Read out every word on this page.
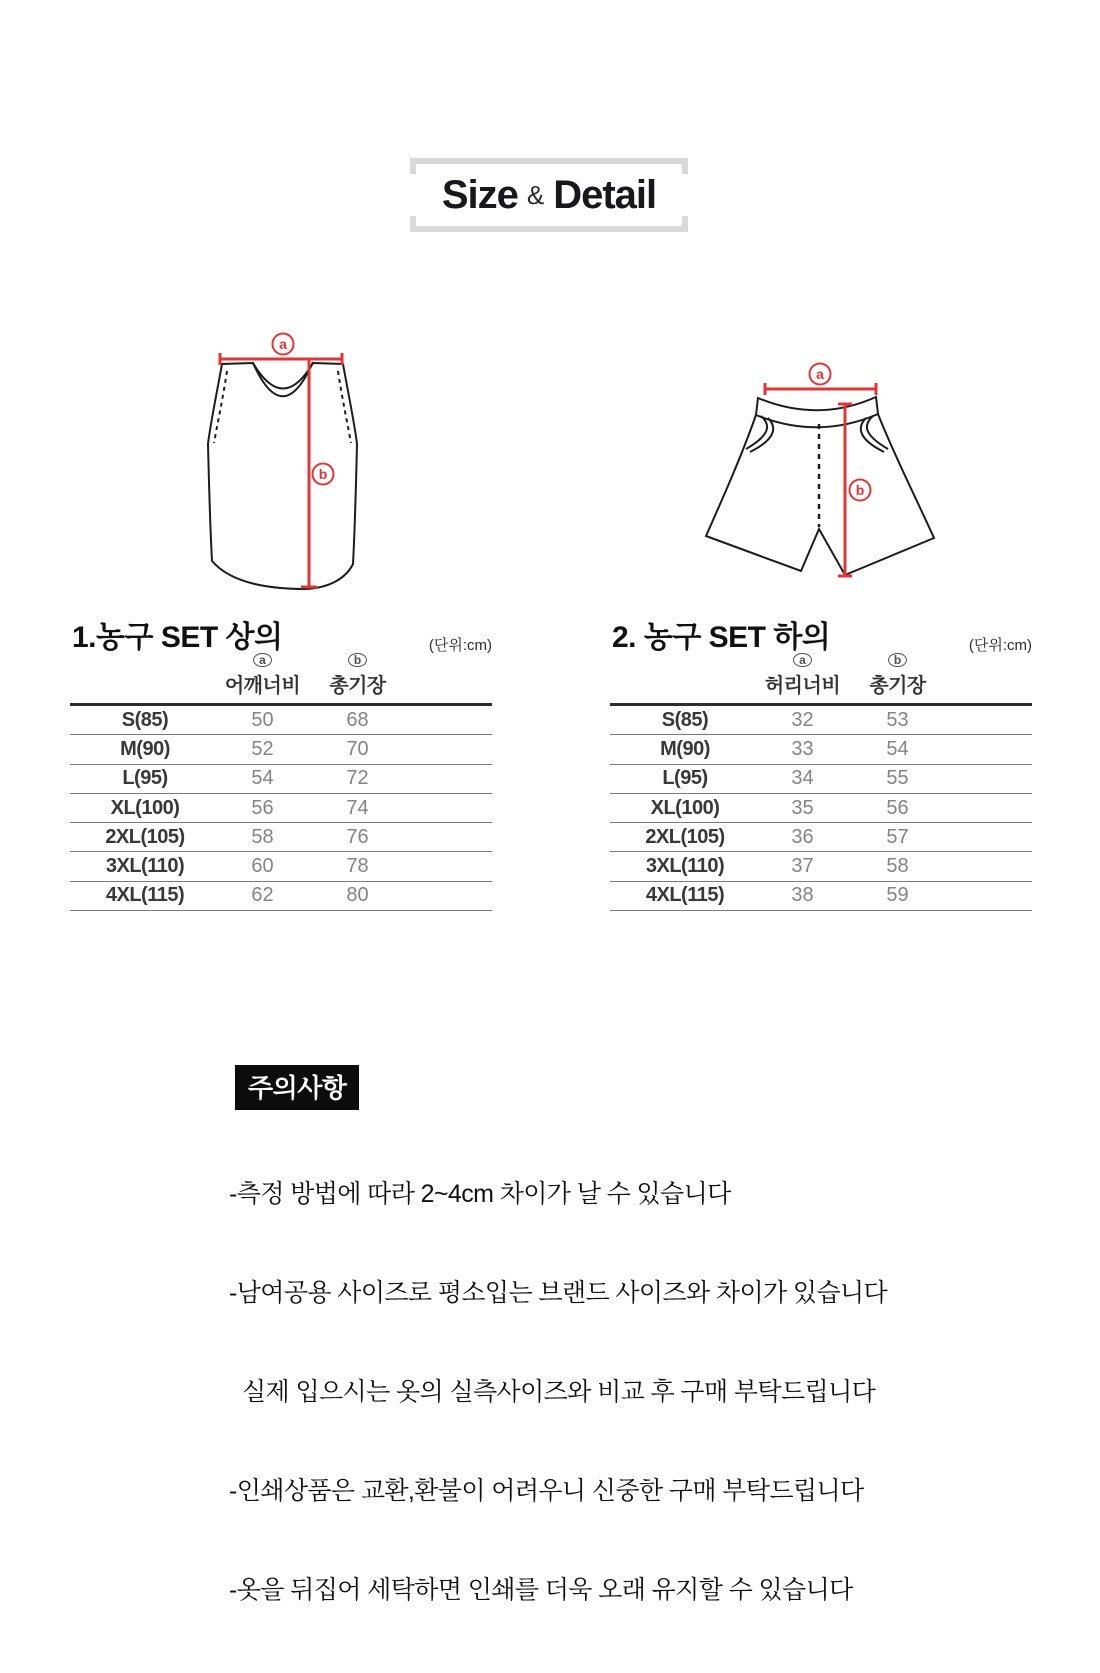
Size & Detail
a
b
a
b
1.농구 SET 상의	(단위:cm)
a
어깨너비
b
총기장
S(85)	50	68
M(90)	52	70
L(95)	54	72
XL(100)	56	74
2XL(105)	58	76
3XL(110)	60	78
4XL(115)	62	80
2. 농구 SET 하의	(단위:cm)
a
허리너비
b
총기장
S(85)	32	53
M(90)	33	54
L(95)	34	55
XL(100)	35	56
2XL(105)	36	57
3XL(110)	37	58
4XL(115)	38	59
주의사항

-측정 방법에 따라 2~4cm 차이가 날 수 있습니다

-남여공용 사이즈로 평소입는 브랜드 사이즈와 차이가 있습니다

실제 입으시는 옷의 실측사이즈와 비교 후 구매 부탁드립니다

-인쇄상품은 교환,환불이 어려우니 신중한 구매 부탁드립니다

-옷을 뒤집어 세탁하면 인쇄를 더욱 오래 유지할 수 있습니다
